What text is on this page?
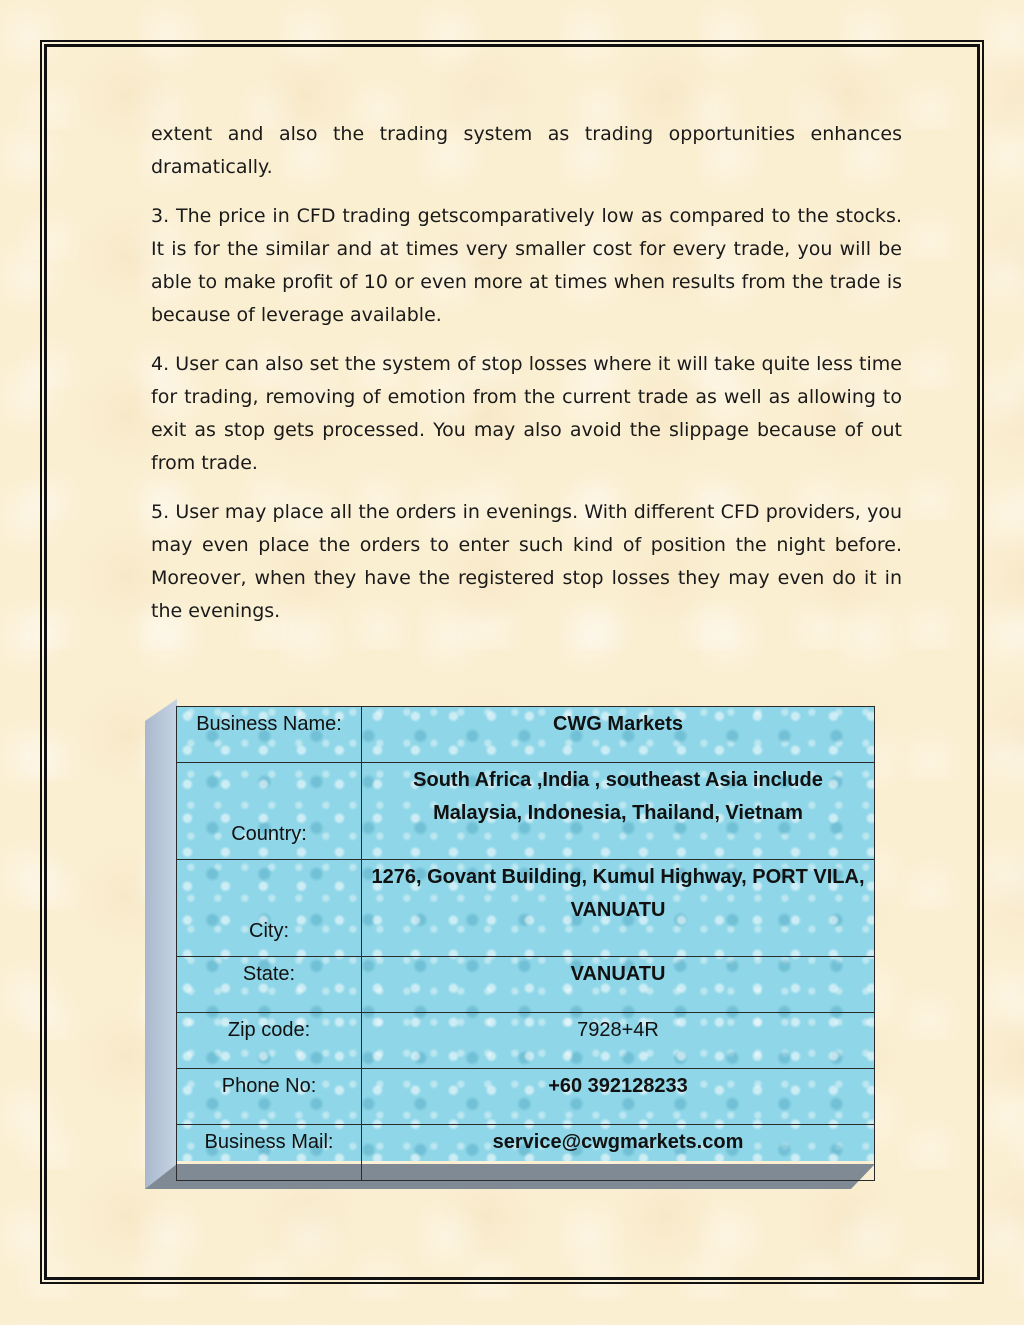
extent and also the trading system as trading opportunities enhances dramatically.

3. The price in CFD trading getscomparatively low as compared to the stocks. It is for the similar and at times very smaller cost for every trade, you will be able to make profit of 10 or even more at times when results from the trade is because of leverage available.

4. User can also set the system of stop losses where it will take quite less time for trading, removing of emotion from the current trade as well as allowing to exit as stop gets processed. You may also avoid the slippage because of out from trade.

5. User may place all the orders in evenings. With different CFD providers, you may even place the orders to enter such kind of position the night before. Moreover, when they have the registered stop losses they may even do it in the evenings.

Business Name:	CWG Markets
Country:	South Africa ,India , southeast Asia include
Malaysia, Indonesia, Thailand, Vietnam

City:	1276, Govant Building, Kumul Highway, PORT VILA,
VANUATU

State:	VANUATU
Zip code:	7928+4R
Phone No:	+60 392128233
Business Mail:	service@cwgmarkets.com
